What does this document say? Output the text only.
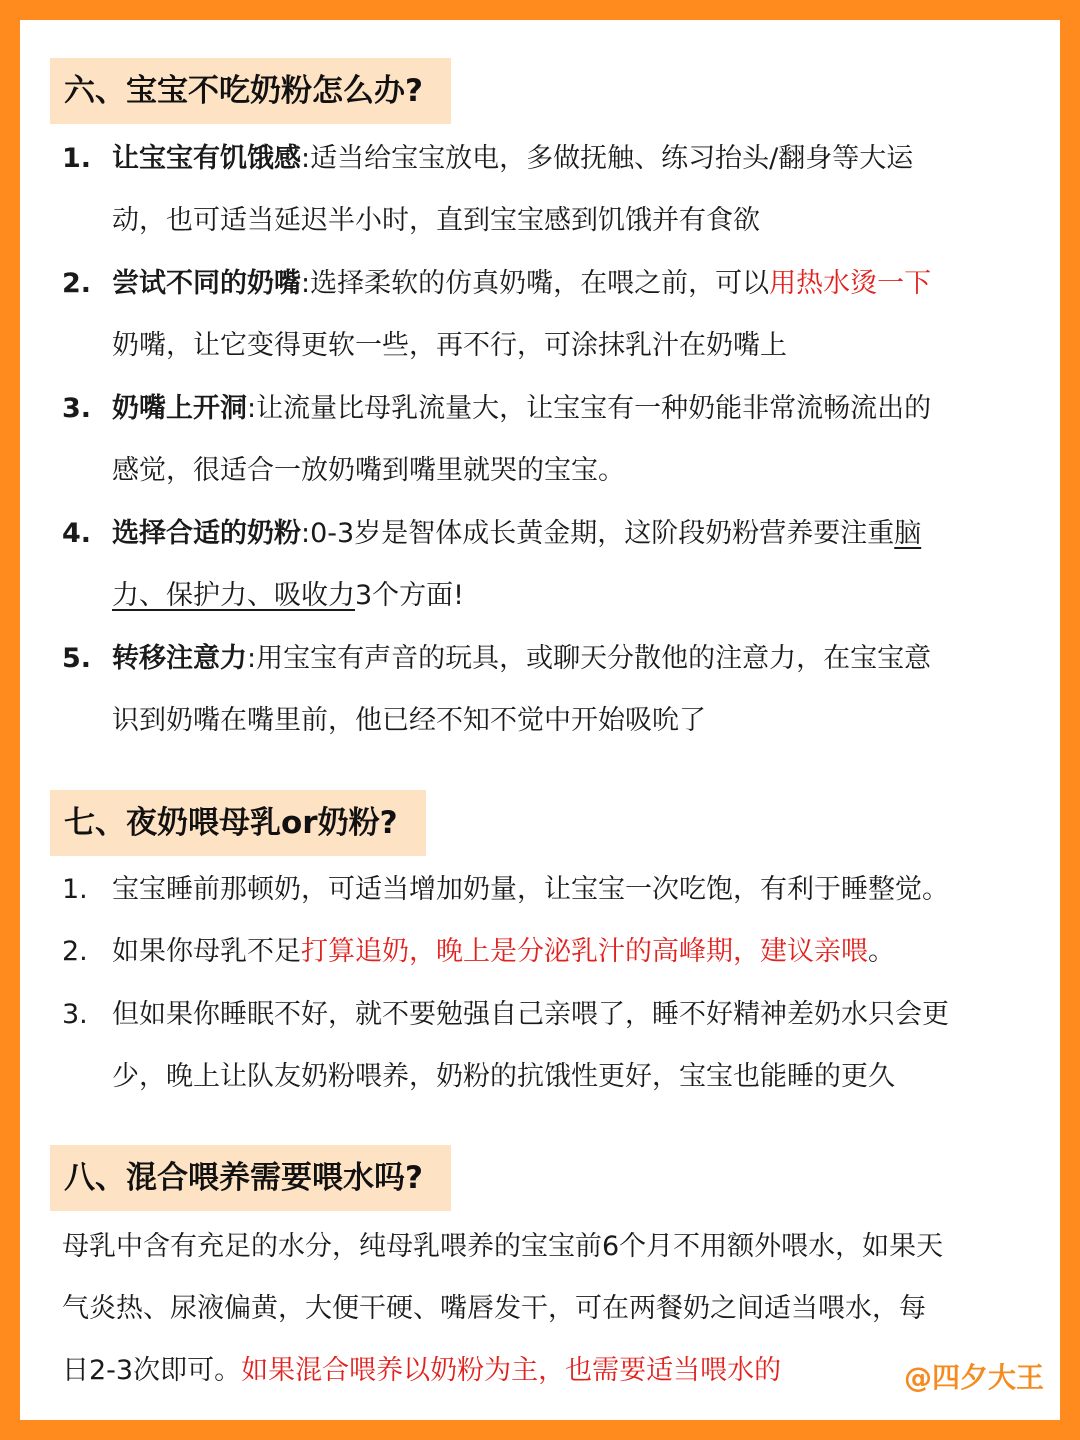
六、宝宝不吃奶粉怎么办?
1. 让宝宝有饥饿感:适当给宝宝放电，多做抚触、练习抬头/翻身等大运
动，也可适当延迟半小时，直到宝宝感到饥饿并有食欲
2. 尝试不同的奶嘴:选择柔软的仿真奶嘴，在喂之前，可以用热水烫一下
奶嘴，让它变得更软一些，再不行，可涂抹乳汁在奶嘴上
3. 奶嘴上开洞:让流量比母乳流量大，让宝宝有一种奶能非常流畅流出的
感觉，很适合一放奶嘴到嘴里就哭的宝宝。
4. 选择合适的奶粉:0-3岁是智体成长黄金期，这阶段奶粉营养要注重脑
力、保护力、吸收力3个方面!
5. 转移注意力:用宝宝有声音的玩具，或聊天分散他的注意力，在宝宝意
识到奶嘴在嘴里前，他已经不知不觉中开始吸吮了
七、夜奶喂母乳or奶粉?
1. 宝宝睡前那顿奶，可适当增加奶量，让宝宝一次吃饱，有利于睡整觉。
2. 如果你母乳不足打算追奶，晚上是分泌乳汁的高峰期，建议亲喂。
3. 但如果你睡眠不好，就不要勉强自己亲喂了，睡不好精神差奶水只会更
少，晚上让队友奶粉喂养，奶粉的抗饿性更好，宝宝也能睡的更久
八、混合喂养需要喂水吗?
母乳中含有充足的水分，纯母乳喂养的宝宝前6个月不用额外喂水，如果天
气炎热、尿液偏黄，大便干硬、嘴唇发干，可在两餐奶之间适当喂水，每
日2-3次即可。如果混合喂养以奶粉为主，也需要适当喂水的	@四夕大王
